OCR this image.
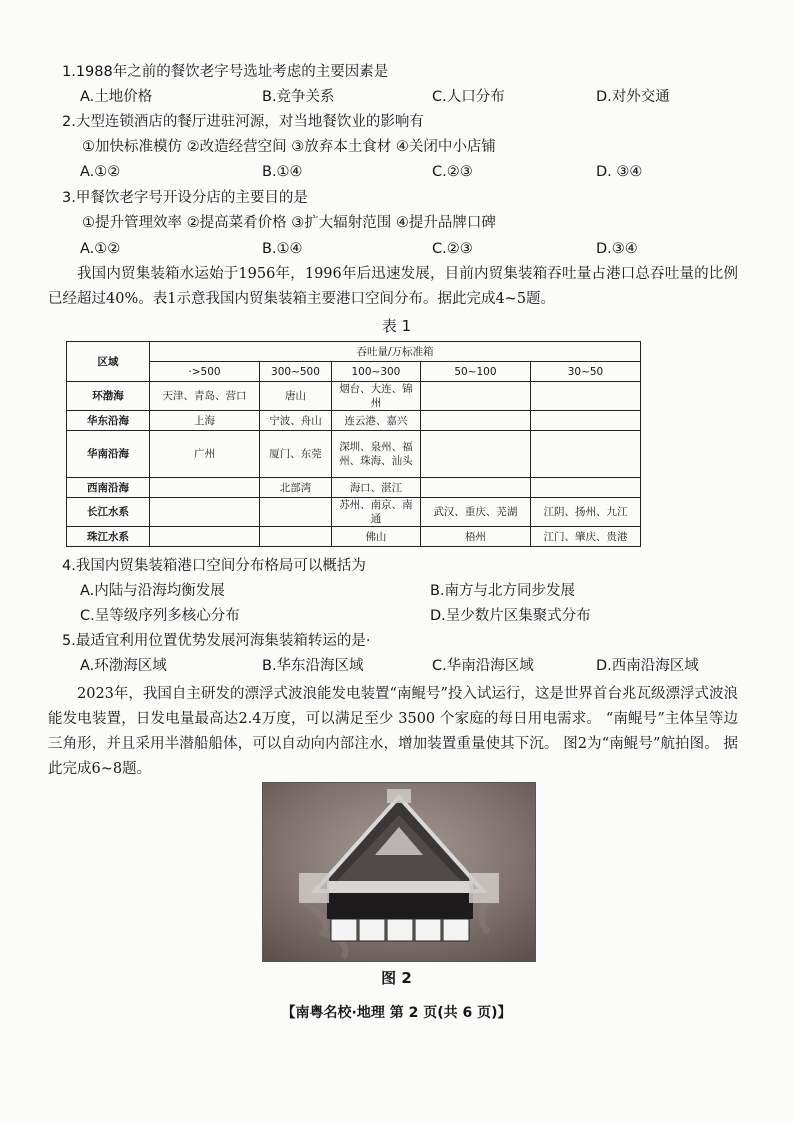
1.1988年之前的餐饮老字号选址考虑的主要因素是
A.土地价格	B.竞争关系	C.人口分布	D.对外交通
2.大型连锁酒店的餐厅进驻河源，对当地餐饮业的影响有
①加快标准模仿 ②改造经营空间 ③放弃本土食材 ④关闭中小店铺
A.①②	B.①④	C.②③	D. ③④
3.甲餐饮老字号开设分店的主要目的是
①提升管理效率 ②提高菜肴价格 ③扩大辐射范围 ④提升品牌口碑
A.①②	B.①④	C.②③	D.③④
我国内贸集装箱水运始于1956年，1996年后迅速发展，目前内贸集装箱吞吐量占港口总吞吐量的比例已经超过40%。表1示意我国内贸集装箱主要港口空间分布。据此完成4~5题。
表 1
区域	吞吐量/万标准箱				
	·>500	300~500	100~300	50~100	30~50
环渤海	天津、青岛、营口	唐山	烟台、大连、锦州		
华东沿海	上海	宁波、舟山	连云港、嘉兴		
华南沿海	广州	厦门、东莞	深圳、泉州、福州、珠海、汕头		
西南沿海		北部湾	海口、湛江		
长江水系			苏州、南京、南通	武汉、重庆、芜湖	江阴、扬州、九江
珠江水系			佛山	梧州	江门、肇庆、贵港
4.我国内贸集装箱港口空间分布格局可以概括为
A.内陆与沿海均衡发展	B.南方与北方同步发展
C.呈等级序列多核心分布	D.呈少数片区集聚式分布
5.最适宜利用位置优势发展河海集装箱转运的是·
A.环渤海区域	B.华东沿海区域	C.华南沿海区域	D.西南沿海区域
2023年，我国自主研发的漂浮式波浪能发电装置“南鲲号”投入试运行，这是世界首台兆瓦级漂浮式波浪能发电装置，日发电量最高达2.4万度，可以满足至少 3500 个家庭的每日用电需求。 “南鲲号”主体呈等边三角形，并且采用半潜船船体，可以自动向内部注水，增加装置重量使其下沉。 图2为“南鲲号”航拍图。 据此完成6~8题。
图 2
【南粤名校·地理 第 2 页(共 6 页)】
